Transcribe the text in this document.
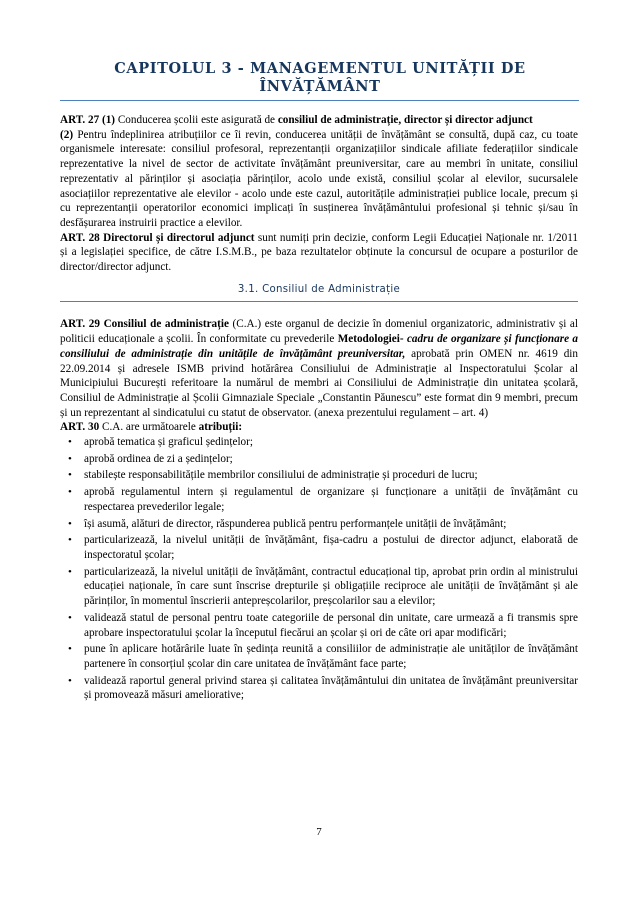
CAPITOLUL 3 - MANAGEMENTUL UNITĂȚII DE
ÎNVĂȚĂMÂNT

ART. 27 (1) Conducerea școlii este asigurată de consiliul de administrație, director și director adjunct

(2) Pentru îndeplinirea atribuțiilor ce îi revin, conducerea unității de învățământ se consultă, după caz, cu toate organismele interesate: consiliul profesoral, reprezentanții organizațiilor sindicale afiliate federațiilor sindicale reprezentative la nivel de sector de activitate învățământ preuniversitar, care au membri în unitate, consiliul reprezentativ al părinților și asociația părinților, acolo unde există, consiliul școlar al elevilor, sucursalele asociațiilor reprezentative ale elevilor - acolo unde este cazul, autoritățile administrației publice locale, precum și cu reprezentanții operatorilor economici implicați în susținerea învățământului profesional și tehnic și/sau în desfășurarea instruirii practice a elevilor.

ART. 28 Directorul și directorul adjunct sunt numiți prin decizie, conform Legii Educației Naționale nr. 1/2011 și a legislației specifice, de către I.S.M.B., pe baza rezultatelor obținute la concursul de ocupare a posturilor de director/director adjunct.

3.1. Consiliul de Administrație

ART. 29 Consiliul de administrație (C.A.) este organul de decizie în domeniul organizatoric, administrativ și al politicii educaționale a școlii. În conformitate cu prevederile Metodologiei- cadru de organizare și funcționare a consiliului de administrație din unitățile de învățământ preuniversitar, aprobată prin OMEN nr. 4619 din 22.09.2014 și adresele ISMB privind hotărârea Consiliului de Administrație al Inspectoratului Școlar al Municipiului București referitoare la numărul de membri ai Consiliului de Administrație din unitatea școlară, Consiliul de Administrație al Școlii Gimnaziale Speciale „Constantin Păunescu” este format din 9 membri, precum și un reprezentant al sindicatului cu statut de observator. (anexa prezentului regulament – art. 4)

ART. 30 C.A. are următoarele atribuții:

• aprobă tematica și graficul ședințelor;
• aprobă ordinea de zi a ședințelor;
• stabilește responsabilitățile membrilor consiliului de administrație și proceduri de lucru;
• aprobă regulamentul intern și regulamentul de organizare și funcționare a unității de învățământ cu respectarea prevederilor legale;
• își asumă, alături de director, răspunderea publică pentru performanțele unității de învățământ;
• particularizează, la nivelul unității de învățământ, fișa-cadru a postului de director adjunct, elaborată de inspectoratul școlar;
• particularizează, la nivelul unității de învățământ, contractul educațional tip, aprobat prin ordin al ministrului educației naționale, în care sunt înscrise drepturile și obligațiile reciproce ale unității de învățământ și ale părinților, în momentul înscrierii antepreșcolarilor, preșcolarilor sau a elevilor;
• validează statul de personal pentru toate categoriile de personal din unitate, care urmează a fi transmis spre aprobare inspectoratului școlar la începutul fiecărui an școlar și ori de câte ori apar modificări;
• pune în aplicare hotărârile luate în ședința reunită a consiliilor de administrație ale unităților de învățământ partenere în consorțiul școlar din care unitatea de învățământ face parte;
• validează raportul general privind starea și calitatea învățământului din unitatea de învățământ preuniversitar și promovează măsuri ameliorative;
7
